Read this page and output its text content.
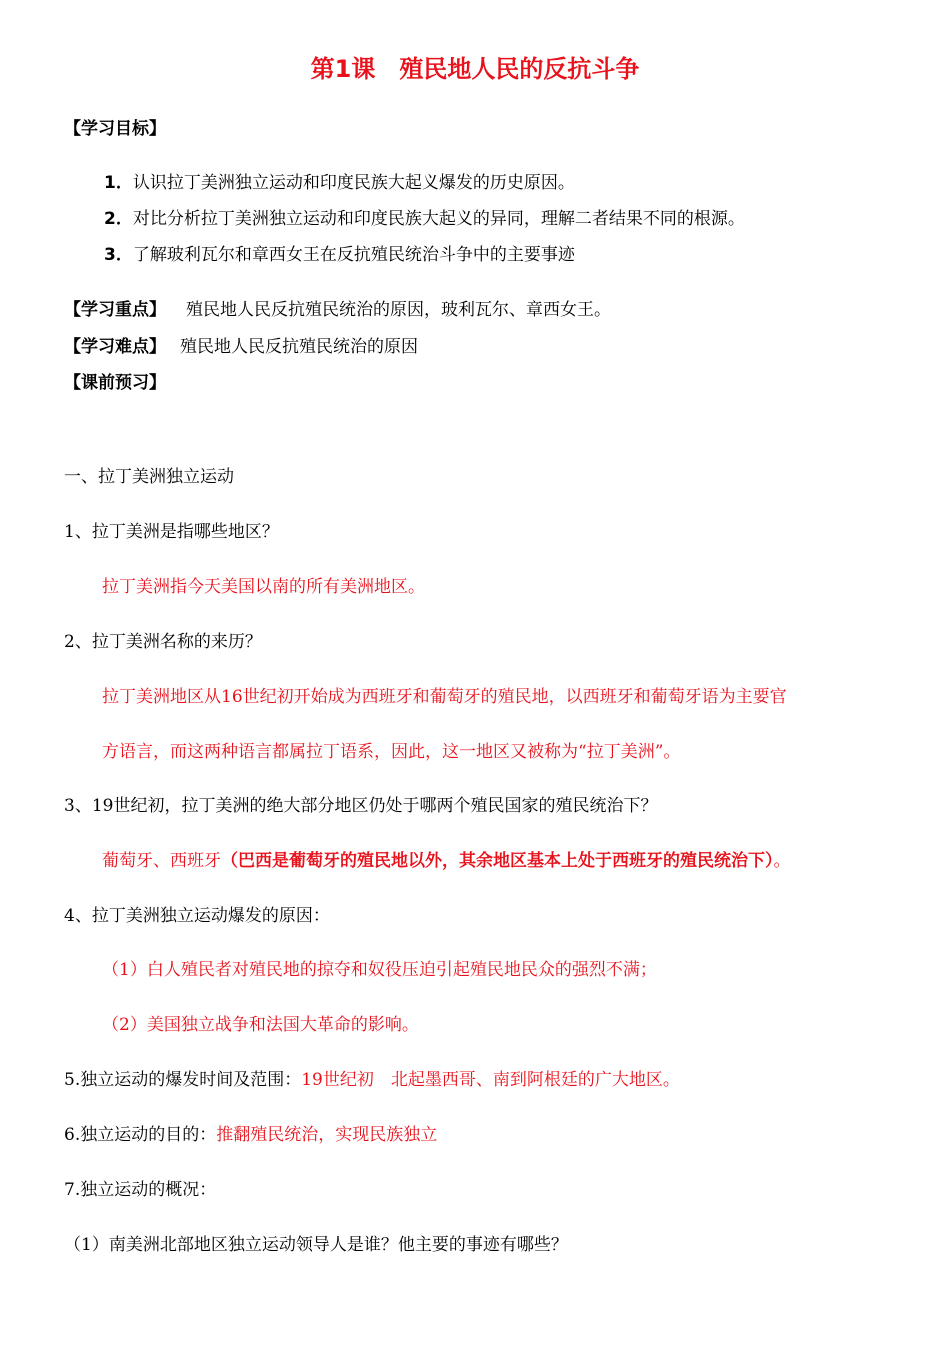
第1课　殖民地人民的反抗斗争
【学习目标】
1．认识拉丁美洲独立运动和印度民族大起义爆发的历史原因。
2．对比分析拉丁美洲独立运动和印度民族大起义的异同，理解二者结果不同的根源。
3．了解玻利瓦尔和章西女王在反抗殖民统治斗争中的主要事迹
【学习重点】 殖民地人民反抗殖民统治的原因，玻利瓦尔、章西女王。
【学习难点】 殖民地人民反抗殖民统治的原因
【课前预习】
一、拉丁美洲独立运动
1、拉丁美洲是指哪些地区？
拉丁美洲指今天美国以南的所有美洲地区。
2、拉丁美洲名称的来历？
拉丁美洲地区从16世纪初开始成为西班牙和葡萄牙的殖民地，以西班牙和葡萄牙语为主要官
方语言，而这两种语言都属拉丁语系，因此，这一地区又被称为“拉丁美洲”。
3、19世纪初，拉丁美洲的绝大部分地区仍处于哪两个殖民国家的殖民统治下？
葡萄牙、西班牙（巴西是葡萄牙的殖民地以外，其余地区基本上处于西班牙的殖民统治下）。
4、拉丁美洲独立运动爆发的原因：
（1）白人殖民者对殖民地的掠夺和奴役压迫引起殖民地民众的强烈不满；
（2）美国独立战争和法国大革命的影响。
5.独立运动的爆发时间及范围：19世纪初　北起墨西哥、南到阿根廷的广大地区。
6.独立运动的目的：推翻殖民统治，实现民族独立
7.独立运动的概况：
（1）南美洲北部地区独立运动领导人是谁？他主要的事迹有哪些？
